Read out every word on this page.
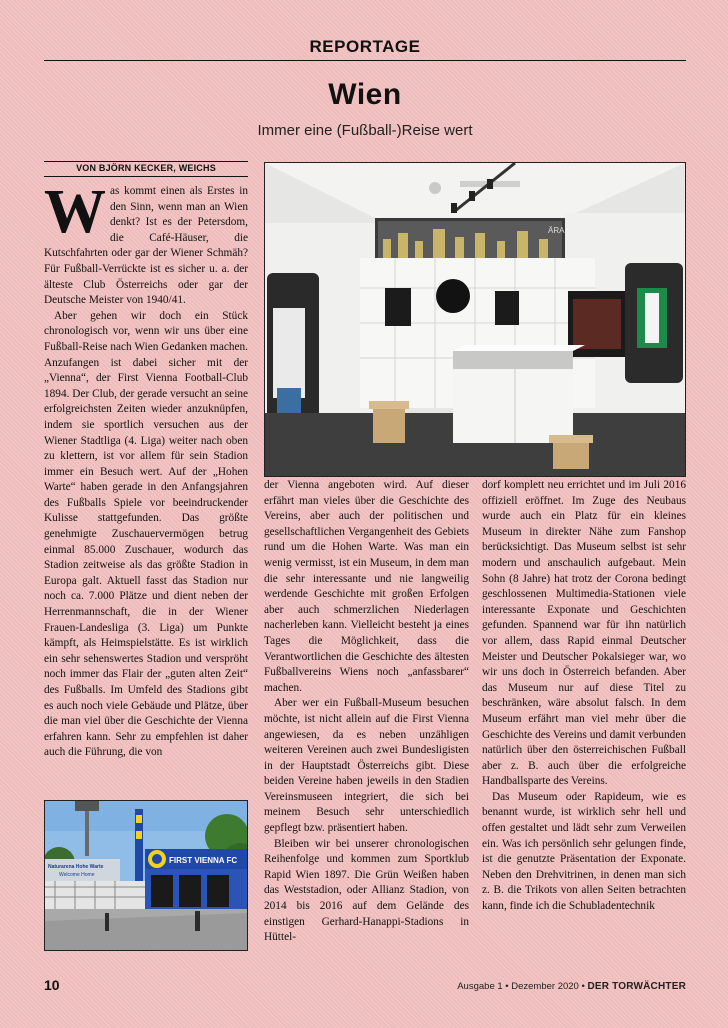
REPORTAGE
Wien
Immer eine (Fußball-)Reise wert
VON BJÖRN KECKER, WEICHS

Was kommt einen als Erstes in den Sinn, wenn man an Wien denkt? Ist es der Petersdom, die Café-Häuser, die Kutschfahrten oder gar der Wiener Schmäh? Für Fußball-Verrückte ist es sicher u. a. der älteste Club Österreichs oder gar der Deutsche Meister von 1940/41.

Aber gehen wir doch ein Stück chronologisch vor, wenn wir uns über eine Fußball-Reise nach Wien Gedanken machen. Anzufangen ist dabei sicher mit der „Vienna“, der First Vienna Football-Club 1894. Der Club, der gerade versucht an seine erfolgreichsten Zeiten wieder anzuknüpfen, indem sie sportlich versuchen aus der Wiener Stadtliga (4. Liga) weiter nach oben zu klettern, ist vor allem für sein Stadion immer ein Besuch wert. Auf der „Hohen Warte“ haben gerade in den Anfangsjahren des Fußballs Spiele vor beeindruckender Kulisse stattgefunden. Das größte genehmigte Zuschauervermögen betrug einmal 85.000 Zuschauer, wodurch das Stadion zeitweise als das größte Stadion in Europa galt. Aktuell fasst das Stadion nur noch ca. 7.000 Plätze und dient neben der Herrenmannschaft, die in der Wiener Frauen-Landesliga (3. Liga) um Punkte kämpft, als Heimspielstätte. Es ist wirklich ein sehr sehenswertes Stadion und verspröht noch immer das Flair der „guten alten Zeit“ des Fußballs. Im Umfeld des Stadions gibt es auch noch viele Gebäude und Plätze, über die man viel über die Geschichte der Vienna erfahren kann. Sehr zu empfehlen ist daher auch die Führung, die von

ÄRA

der Vienna angeboten wird. Auf dieser erfährt man vieles über die Geschichte des Vereins, aber auch der politischen und gesellschaftlichen Vergangenheit des Gebiets rund um die Hohen Warte. Was man ein wenig vermisst, ist ein Museum, in dem man die sehr interessante und nie langweilig werdende Geschichte mit großen Erfolgen aber auch schmerzlichen Niederlagen nacherleben kann. Vielleicht besteht ja eines Tages die Möglichkeit, dass die Verantwortlichen die Geschichte des ältesten Fußballvereins Wiens noch „anfassbarer“ machen.

Aber wer ein Fußball-Museum besuchen möchte, ist nicht allein auf die First Vienna angewiesen, da es neben unzähligen weiteren Vereinen auch zwei Bundesligisten in der Hauptstadt Österreichs gibt. Diese beiden Vereine haben jeweils in den Stadien Vereinsmuseen integriert, die sich bei meinem Besuch sehr unterschiedlich gepflegt bzw. präsentiert haben.

Bleiben wir bei unserer chronologischen Reihenfolge und kommen zum Sportklub Rapid Wien 1897. Die Grün Weißen haben das Weststadion, oder Allianz Stadion, von 2014 bis 2016 auf dem Gelände des einstigen Gerhard-Hanappi-Stadions in Hüttel-

dorf komplett neu errichtet und im Juli 2016 offiziell eröffnet. Im Zuge des Neubaus wurde auch ein Platz für ein kleines Museum in direkter Nähe zum Fanshop berücksichtigt. Das Museum selbst ist sehr modern und anschaulich aufgebaut. Mein Sohn (8 Jahre) hat trotz der Corona bedingt geschlossenen Multimedia-Stationen viele interessante Exponate und Geschichten gefunden. Spannend war für ihn natürlich vor allem, dass Rapid einmal Deutscher Meister und Deutscher Pokalsieger war, wo wir uns doch in Österreich befanden. Aber das Museum nur auf diese Titel zu beschränken, wäre absolut falsch. In dem Museum erfährt man viel mehr über die Geschichte des Vereins und damit verbunden natürlich über den österreichischen Fußball aber z. B. auch über die erfolgreiche Handballsparte des Vereins.

Das Museum oder Rapideum, wie es benannt wurde, ist wirklich sehr hell und offen gestaltet und lädt sehr zum Verweilen ein. Was ich persönlich sehr gelungen finde, ist die genutzte Präsentation der Exponate. Neben den Drehvitrinen, in denen man sich z. B. die Trikots von allen Seiten betrachten kann, finde ich die Schubladentechnik

Naturarena Hohe Warte
Welcome Home
FIRST VIENNA FC
10	Ausgabe 1 • Dezember 2020 • DER TORWÄCHTER
